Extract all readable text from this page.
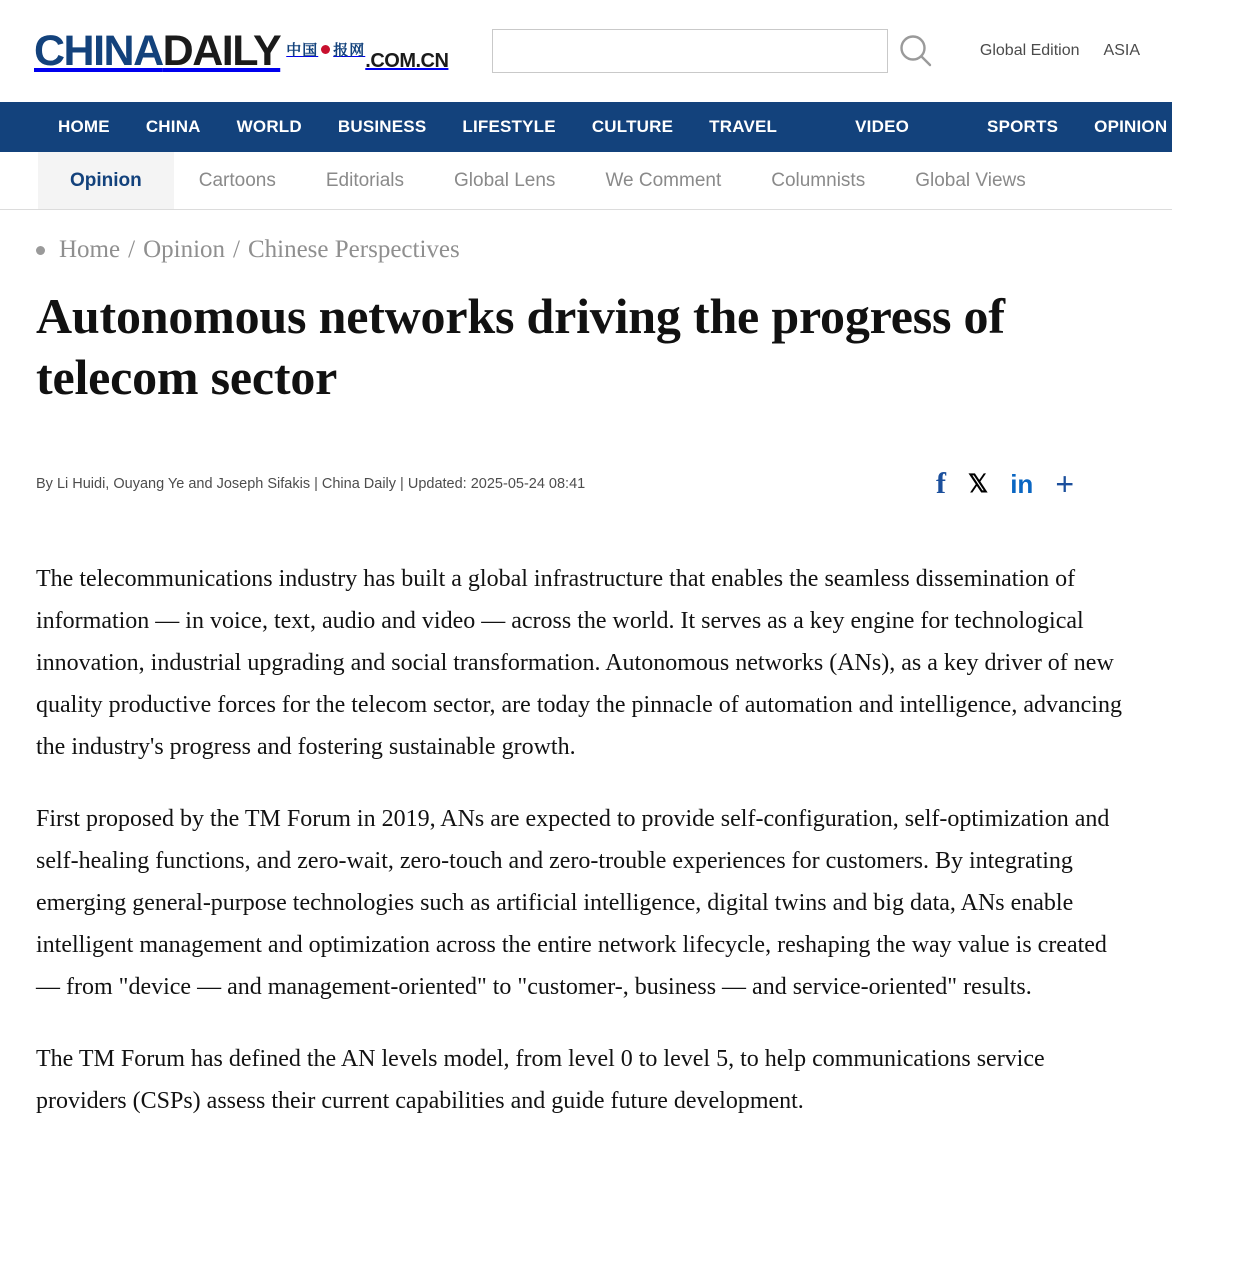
CHINA DAILY 中国 报网 .COM.CN	Global Edition ASIA
HOME CHINA WORLD BUSINESS LIFESTYLE CULTURE TRAVEL	VIDEO	SPORTS OPINION REGI
Opinion	Cartoons	Editorials	Global Lens	We Comment	Columnists	Global Views
Home / Opinion / Chinese Perspectives
Autonomous networks driving the progress of telecom sector
By Li Huidi, Ouyang Ye and Joseph Sifakis | China Daily | Updated: 2025-05-24 08:41	f 𝕏 in +

The telecommunications industry has built a global infrastructure that enables the seamless dissemination of information — in voice, text, audio and video — across the world. It serves as a key engine for technological innovation, industrial upgrading and social transformation. Autonomous networks (ANs), as a key driver of new quality productive forces for the telecom sector, are today the pinnacle of automation and intelligence, advancing the industry's progress and fostering sustainable growth.

First proposed by the TM Forum in 2019, ANs are expected to provide self-configuration, self-optimization and self-healing functions, and zero-wait, zero-touch and zero-trouble experiences for customers. By integrating emerging general-purpose technologies such as artificial intelligence, digital twins and big data, ANs enable intelligent management and optimization across the entire network lifecycle, reshaping the way value is created — from "device — and management-oriented" to "customer-, business — and service-oriented" results.

The TM Forum has defined the AN levels model, from level 0 to level 5, to help communications service providers (CSPs) assess their current capabilities and guide future development.
